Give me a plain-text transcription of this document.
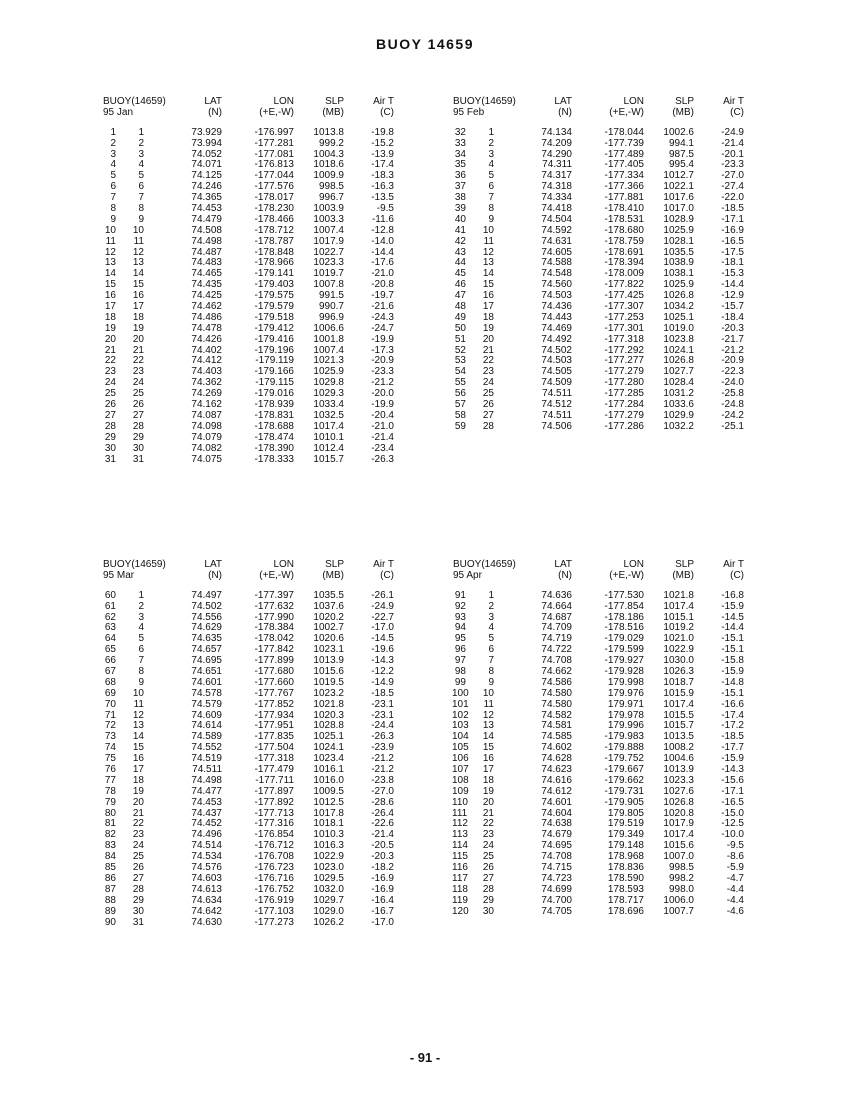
BUOY 14659
BUOY(14659)	LAT	LON	SLP	Air T
95 Jan	(N)	(+E,-W)	(MB)	(C)
1	1	73.929	-176.997	1013.8	-19.8
2	2	73.994	-177.281	999.2	-15.2
3	3	74.052	-177.081	1004.3	-13.9
4	4	74.071	-176.813	1018.6	-17.4
5	5	74.125	-177.044	1009.9	-18.3
6	6	74.246	-177.576	998.5	-16.3
7	7	74.365	-178.017	996.7	-13.5
8	8	74.453	-178.230	1003.9	-9.5
9	9	74.479	-178.466	1003.3	-11.6
10	10	74.508	-178.712	1007.4	-12.8
11	11	74.498	-178.787	1017.9	-14.0
12	12	74.487	-178.848	1022.7	-14.4
13	13	74.483	-178.966	1023.3	-17.6
14	14	74.465	-179.141	1019.7	-21.0
15	15	74.435	-179.403	1007.8	-20.8
16	16	74.425	-179.575	991.5	-19.7
17	17	74.462	-179.579	990.7	-21.6
18	18	74.486	-179.518	996.9	-24.3
19	19	74.478	-179.412	1006.6	-24.7
20	20	74.426	-179.416	1001.8	-19.9
21	21	74.402	-179.196	1007.4	-17.3
22	22	74.412	-179.119	1021.3	-20.9
23	23	74.403	-179.166	1025.9	-23.3
24	24	74.362	-179.115	1029.8	-21.2
25	25	74.269	-179.016	1029.3	-20.0
26	26	74.162	-178.939	1033.4	-19.9
27	27	74.087	-178.831	1032.5	-20.4
28	28	74.098	-178.688	1017.4	-21.0
29	29	74.079	-178.474	1010.1	-21.4
30	30	74.082	-178.390	1012.4	-23.4
31	31	74.075	-178.333	1015.7	-26.3
BUOY(14659)	LAT	LON	SLP	Air T
95 Feb	(N)	(+E,-W)	(MB)	(C)
32	1	74.134	-178.044	1002.6	-24.9
33	2	74.209	-177.739	994.1	-21.4
34	3	74.290	-177.489	987.5	-20.1
35	4	74.311	-177.405	995.4	-23.3
36	5	74.317	-177.334	1012.7	-27.0
37	6	74.318	-177.366	1022.1	-27.4
38	7	74.334	-177.881	1017.6	-22.0
39	8	74.418	-178.410	1017.0	-18.5
40	9	74.504	-178.531	1028.9	-17.1
41	10	74.592	-178.680	1025.9	-16.9
42	11	74.631	-178.759	1028.1	-16.5
43	12	74.605	-178.691	1035.5	-17.5
44	13	74.588	-178.394	1038.9	-18.1
45	14	74.548	-178.009	1038.1	-15.3
46	15	74.560	-177.822	1025.9	-14.4
47	16	74.503	-177.425	1026.8	-12.9
48	17	74.436	-177.307	1034.2	-15.7
49	18	74.443	-177.253	1025.1	-18.4
50	19	74.469	-177.301	1019.0	-20.3
51	20	74.492	-177.318	1023.8	-21.7
52	21	74.502	-177.292	1024.1	-21.2
53	22	74.503	-177.277	1026.8	-20.9
54	23	74.505	-177.279	1027.7	-22.3
55	24	74.509	-177.280	1028.4	-24.0
56	25	74.511	-177.285	1031.2	-25.8
57	26	74.512	-177.284	1033.6	-24.8
58	27	74.511	-177.279	1029.9	-24.2
59	28	74.506	-177.286	1032.2	-25.1
BUOY(14659)	LAT	LON	SLP	Air T
95 Mar	(N)	(+E,-W)	(MB)	(C)
60	1	74.497	-177.397	1035.5	-26.1
61	2	74.502	-177.632	1037.6	-24.9
62	3	74.556	-177.990	1020.2	-22.7
63	4	74.629	-178.384	1002.7	-17.0
64	5	74.635	-178.042	1020.6	-14.5
65	6	74.657	-177.842	1023.1	-19.6
66	7	74.695	-177.899	1013.9	-14.3
67	8	74.651	-177.680	1015.6	-12.2
68	9	74.601	-177.660	1019.5	-14.9
69	10	74.578	-177.767	1023.2	-18.5
70	11	74.579	-177.852	1021.8	-23.1
71	12	74.609	-177.934	1020.3	-23.1
72	13	74.614	-177.951	1028.8	-24.4
73	14	74.589	-177.835	1025.1	-26.3
74	15	74.552	-177.504	1024.1	-23.9
75	16	74.519	-177.318	1023.4	-21.2
76	17	74.511	-177.479	1016.1	-21.2
77	18	74.498	-177.711	1016.0	-23.8
78	19	74.477	-177.897	1009.5	-27.0
79	20	74.453	-177.892	1012.5	-28.6
80	21	74.437	-177.713	1017.8	-26.4
81	22	74.452	-177.316	1018.1	-22.6
82	23	74.496	-176.854	1010.3	-21.4
83	24	74.514	-176.712	1016.3	-20.5
84	25	74.534	-176.708	1022.9	-20.3
85	26	74.576	-176.723	1023.0	-18.2
86	27	74.603	-176.716	1029.5	-16.9
87	28	74.613	-176.752	1032.0	-16.9
88	29	74.634	-176.919	1029.7	-16.4
89	30	74.642	-177.103	1029.0	-16.7
90	31	74.630	-177.273	1026.2	-17.0
BUOY(14659)	LAT	LON	SLP	Air T
95 Apr	(N)	(+E,-W)	(MB)	(C)
91	1	74.636	-177.530	1021.8	-16.8
92	2	74.664	-177.854	1017.4	-15.9
93	3	74.687	-178.186	1015.1	-14.5
94	4	74.709	-178.516	1019.2	-14.4
95	5	74.719	-179.029	1021.0	-15.1
96	6	74.722	-179.599	1022.9	-15.1
97	7	74.708	-179.927	1030.0	-15.8
98	8	74.662	-179.928	1026.3	-15.9
99	9	74.586	179.998	1018.7	-14.8
100	10	74.580	179.976	1015.9	-15.1
101	11	74.580	179.971	1017.4	-16.6
102	12	74.582	179.978	1015.5	-17.4
103	13	74.581	179.996	1015.7	-17.2
104	14	74.585	-179.983	1013.5	-18.5
105	15	74.602	-179.888	1008.2	-17.7
106	16	74.628	-179.752	1004.6	-15.9
107	17	74.623	-179.667	1013.9	-14.3
108	18	74.616	-179.662	1023.3	-15.6
109	19	74.612	-179.731	1027.6	-17.1
110	20	74.601	-179.905	1026.8	-16.5
111	21	74.604	179.805	1020.8	-15.0
112	22	74.638	179.519	1017.9	-12.5
113	23	74.679	179.349	1017.4	-10.0
114	24	74.695	179.148	1015.6	-9.5
115	25	74.708	178.968	1007.0	-8.6
116	26	74.715	178.836	998.5	-5.9
117	27	74.723	178.590	998.2	-4.7
118	28	74.699	178.593	998.0	-4.4
119	29	74.700	178.717	1006.0	-4.4
120	30	74.705	178.696	1007.7	-4.6
- 91 -
